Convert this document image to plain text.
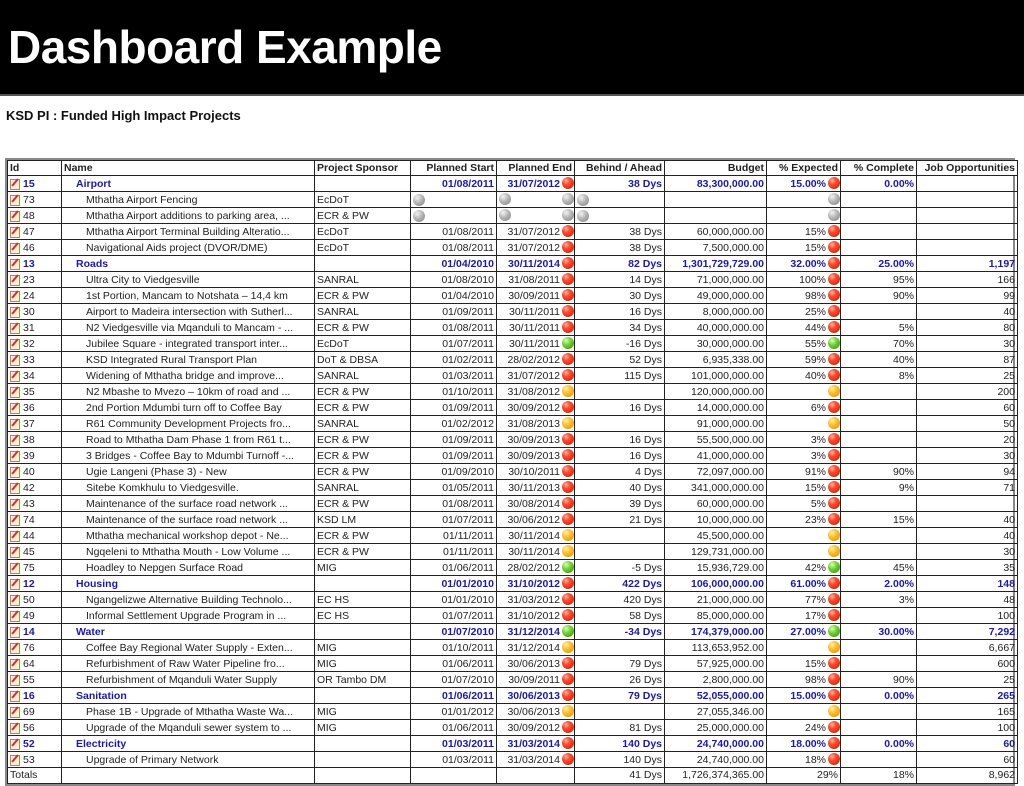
Dashboard Example
KSD PI : Funded High Impact Projects
Id	Name	Project Sponsor	Planned Start	Planned End	Behind / Ahead	Budget	% Expected	% Complete	Job Opportunities
15	Airport		01/08/2011	31/07/2012	38 Dys	83,300,000.00	15.00%	0.00%	
73	Mthatha Airport Fencing	EcDoT	

48	Mthatha Airport additions to parking area, ...	ECR & PW	

47	Mthatha Airport Terminal Building Alteratio...	EcDoT	01/08/2011	31/07/2012	38 Dys	60,000,000.00	15%		
46	Navigational Aids project (DVOR/DME)	EcDoT	01/08/2011	31/07/2012	38 Dys	7,500,000.00	15%		
13	Roads		01/04/2010	30/11/2014	82 Dys	1,301,729,729.00	32.00%	25.00%	1,197
23	Ultra City to Viedgesville	SANRAL	01/08/2010	31/08/2011	14 Dys	71,000,000.00	100%	95%	166
24	1st Portion, Mancam to Notshata – 14,4 km	ECR & PW	01/04/2010	30/09/2011	30 Dys	49,000,000.00	98%	90%	99
30	Airport to Madeira intersection with Sutherl...	SANRAL	01/09/2011	30/11/2011	16 Dys	8,000,000.00	25%		40
31	N2 Viedgesville via Mqanduli to Mancam - ...	ECR & PW	01/08/2011	30/11/2011	34 Dys	40,000,000.00	44%	5%	80
32	Jubilee Square - integrated transport inter...	EcDoT	01/07/2011	30/11/2011	-16 Dys	30,000,000.00	55%	70%	30
33	KSD Integrated Rural Transport Plan	DoT & DBSA	01/02/2011	28/02/2012	52 Dys	6,935,338.00	59%	40%	87
34	Widening of Mthatha bridge and improve...	SANRAL	01/03/2011	31/07/2012	115 Dys	101,000,000.00	40%	8%	25
35	N2 Mbashe to Mvezo – 10km of road and ...	ECR & PW	01/10/2011	31/08/2012		120,000,000.00			200
36	2nd Portion Mdumbi turn off to Coffee Bay	ECR & PW	01/09/2011	30/09/2012	16 Dys	14,000,000.00	6%		60
37	R61 Community Development Projects fro...	SANRAL	01/02/2012	31/08/2013		91,000,000.00			50
38	Road to Mthatha Dam Phase 1 from R61 t...	ECR & PW	01/09/2011	30/09/2013	16 Dys	55,500,000.00	3%		20
39	3 Bridges - Coffee Bay to Mdumbi Turnoff -...	ECR & PW	01/09/2011	30/09/2013	16 Dys	41,000,000.00	3%		30
40	Ugie Langeni (Phase 3) - New	ECR & PW	01/09/2010	30/10/2011	4 Dys	72,097,000.00	91%	90%	94
42	Sitebe Komkhulu to Viedgesville.	SANRAL	01/05/2011	30/11/2013	40 Dys	341,000,000.00	15%	9%	71
43	Maintenance of the surface road network ...	ECR & PW	01/08/2011	30/08/2014	39 Dys	60,000,000.00	5%		
74	Maintenance of the surface road network ...	KSD LM	01/07/2011	30/06/2012	21 Dys	10,000,000.00	23%	15%	40
44	Mthatha mechanical workshop depot - Ne...	ECR & PW	01/11/2011	30/11/2014		45,500,000.00			40
45	Ngqeleni to Mthatha Mouth - Low Volume ...	ECR & PW	01/11/2011	30/11/2014		129,731,000.00			30
75	Hoadley to Nepgen Surface Road	MIG	01/06/2011	28/02/2012	-5 Dys	15,936,729.00	42%	45%	35
12	Housing		01/01/2010	31/10/2012	422 Dys	106,000,000.00	61.00%	2.00%	148
50	Ngangelizwe Alternative Building Technolo...	EC HS	01/01/2010	31/03/2012	420 Dys	21,000,000.00	77%	3%	48
49	Informal Settlement Upgrade Program in ...	EC HS	01/07/2011	31/10/2012	58 Dys	85,000,000.00	17%		100
14	Water		01/07/2010	31/12/2014	-34 Dys	174,379,000.00	27.00%	30.00%	7,292
76	Coffee Bay Regional Water Supply - Exten...	MIG	01/10/2011	31/12/2014		113,653,952.00			6,667
64	Refurbishment of Raw Water Pipeline fro...	MIG	01/06/2011	30/06/2013	79 Dys	57,925,000.00	15%		600
55	Refurbishment of Mqanduli Water Supply	OR Tambo DM	01/07/2010	30/09/2011	26 Dys	2,800,000.00	98%	90%	25
16	Sanitation		01/06/2011	30/06/2013	79 Dys	52,055,000.00	15.00%	0.00%	265
69	Phase 1B - Upgrade of Mthatha Waste Wa...	MIG	01/01/2012	30/06/2013		27,055,346.00			165
56	Upgrade of the Mqanduli sewer system to ...	MIG	01/06/2011	30/09/2012	81 Dys	25,000,000.00	24%		100
52	Electricity		01/03/2011	31/03/2014	140 Dys	24,740,000.00	18.00%	0.00%	60
53	Upgrade of Primary Network		01/03/2011	31/03/2014	140 Dys	24,740,000.00	18%		60
Totals					41 Dys	1,726,374,365.00	29%	18%	8,962
